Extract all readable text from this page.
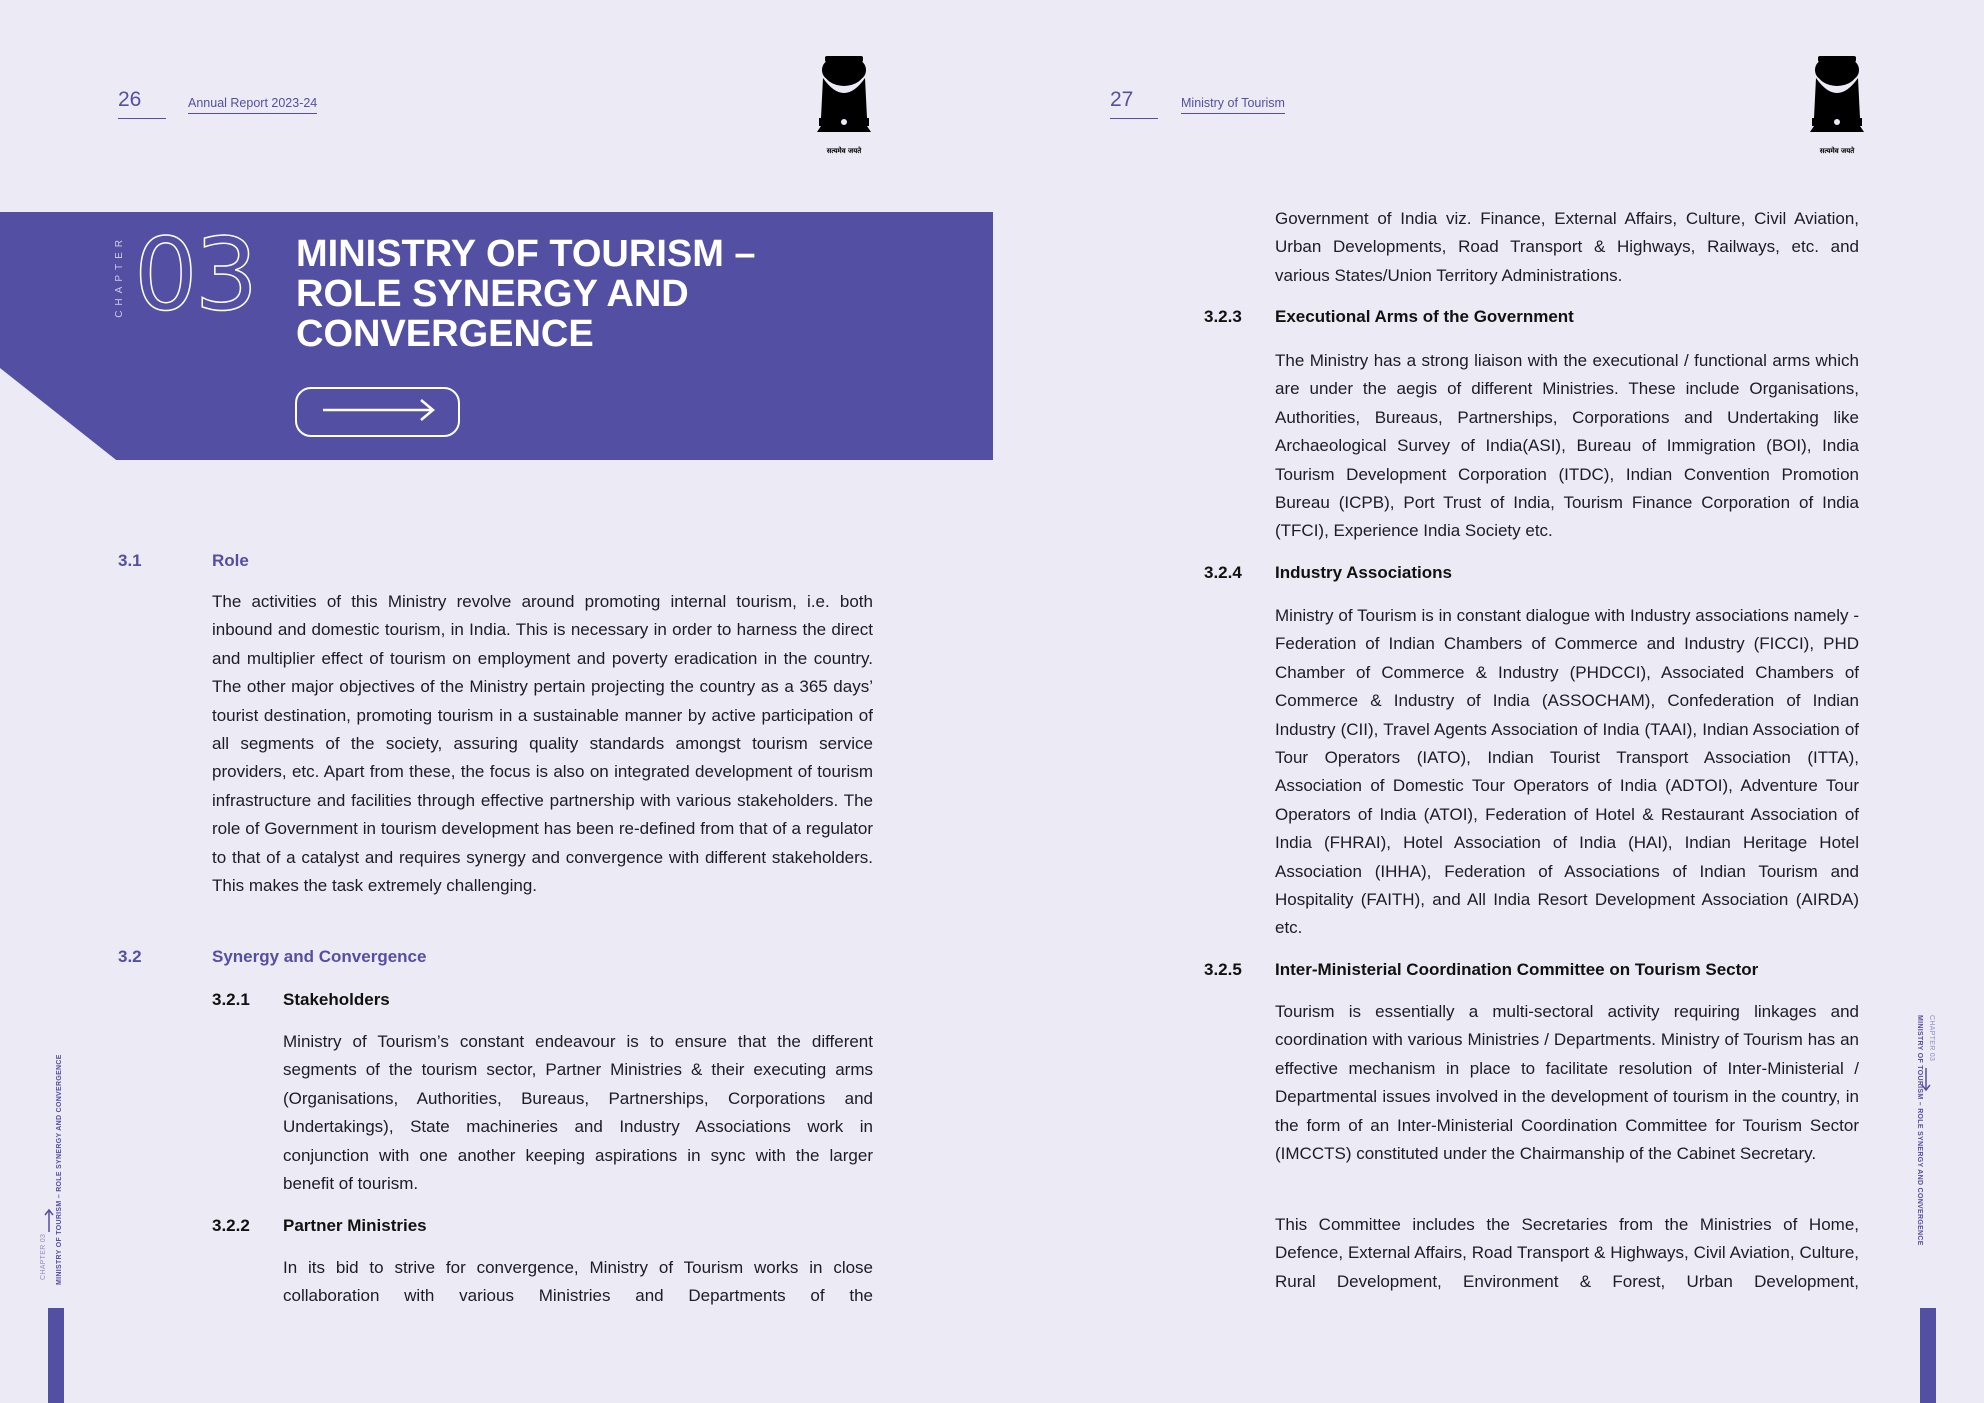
26	Annual Report 2023-24
सत्यमेव जयते
CHAPTER 03 MINISTRY OF TOURISM –
ROLE SYNERGY AND
CONVERGENCE
3.1	Role
The activities of this Ministry revolve around promoting internal tourism, i.e. both inbound and domestic tourism, in India. This is necessary in order to harness the direct and multiplier effect of tourism on employment and poverty eradication in the country. The other major objectives of the Ministry pertain projecting the country as a 365 days’ tourist destination, promoting tourism in a sustainable manner by active participation of all segments of the society, assuring quality standards amongst tourism service providers, etc. Apart from these, the focus is also on integrated development of tourism infrastructure and facilities through effective partnership with various stakeholders. The role of Government in tourism development has been re-defined from that of a regulator to that of a catalyst and requires synergy and convergence with different stakeholders. This makes the task extremely challenging.
3.2	Synergy and Convergence
3.2.1 Stakeholders
Ministry of Tourism’s constant endeavour is to ensure that the different segments of the tourism sector, Partner Ministries & their executing arms (Organisations, Authorities, Bureaus, Partnerships, Corporations and Undertakings), State machineries and Industry Associations work in conjunction with one another keeping aspirations in sync with the larger benefit of tourism.
3.2.2 Partner Ministries
In its bid to strive for convergence, Ministry of Tourism works in close collaboration with various Ministries and Departments of the
CHAPTER 03 MINISTRY OF TOURISM – ROLE SYNERGY AND CONVERGENCE
27	Ministry of Tourism
सत्यमेव जयते
Government of India viz. Finance, External Affairs, Culture, Civil Aviation, Urban Developments, Road Transport & Highways, Railways, etc. and various States/Union Territory Administrations.
3.2.3 Executional Arms of the Government
The Ministry has a strong liaison with the executional / functional arms which are under the aegis of different Ministries. These include Organisations, Authorities, Bureaus, Partnerships, Corporations and Undertaking like Archaeological Survey of India(ASI), Bureau of Immigration (BOI), India Tourism Development Corporation (ITDC), Indian Convention Promotion Bureau (ICPB), Port Trust of India, Tourism Finance Corporation of India (TFCI), Experience India Society etc.
3.2.4 Industry Associations
Ministry of Tourism is in constant dialogue with Industry associations namely - Federation of Indian Chambers of Commerce and Industry (FICCI), PHD Chamber of Commerce & Industry (PHDCCI), Associated Chambers of Commerce & Industry of India (ASSOCHAM), Confederation of Indian Industry (CII), Travel Agents Association of India (TAAI), Indian Association of Tour Operators (IATO), Indian Tourist Transport Association (ITTA), Association of Domestic Tour Operators of India (ADTOI), Adventure Tour Operators of India (ATOI), Federation of Hotel & Restaurant Association of India (FHRAI), Hotel Association of India (HAI), Indian Heritage Hotel Association (IHHA), Federation of Associations of Indian Tourism and Hospitality (FAITH), and All India Resort Development Association (AIRDA) etc.
3.2.5 Inter-Ministerial Coordination Committee on Tourism Sector
Tourism is essentially a multi-sectoral activity requiring linkages and coordination with various Ministries / Departments. Ministry of Tourism has an effective mechanism in place to facilitate resolution of Inter-Ministerial / Departmental issues involved in the development of tourism in the country, in the form of an Inter-Ministerial Coordination Committee for Tourism Sector (IMCCTS) constituted under the Chairmanship of the Cabinet Secretary.
This Committee includes the Secretaries from the Ministries of Home, Defence, External Affairs, Road Transport & Highways, Civil Aviation, Culture, Rural Development, Environment & Forest, Urban Development,
CHAPTER 03
MINISTRY OF TOURISM – ROLE SYNERGY AND CONVERGENCE
